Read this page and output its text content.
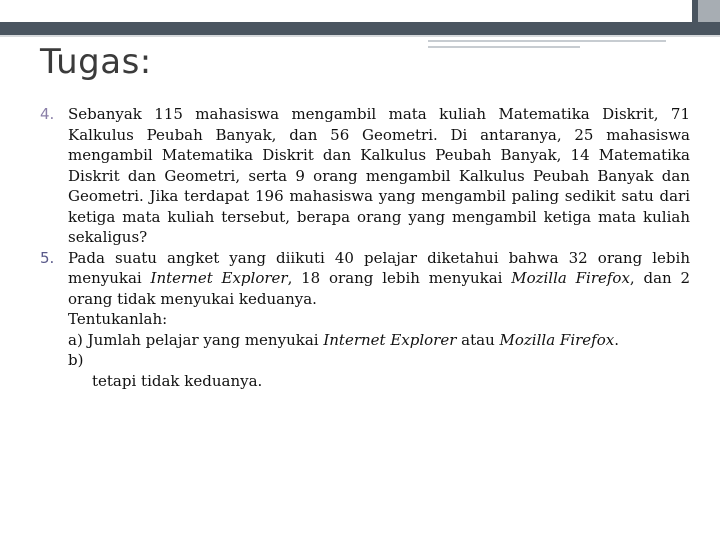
Tugas:
4. Sebanyak 115 mahasiswa mengambil mata kuliah Matematika Diskrit, 71 Kalkulus Peubah Banyak, dan 56 Geometri. Di antaranya, 25 mahasiswa mengambil Matematika Diskrit dan Kalkulus Peubah Banyak, 14 Matematika Diskrit dan Geometri, serta 9 orang mengambil Kalkulus Peubah Banyak dan Geometri. Jika terdapat 196 mahasiswa yang mengambil paling sedikit satu dari ketiga mata kuliah tersebut, berapa orang yang mengambil ketiga mata kuliah sekaligus?
5. Pada suatu angket yang diikuti 40 pelajar diketahui bahwa 32 orang lebih menyukai Internet Explorer, 18 orang lebih menyukai Mozilla Firefox, dan 2 orang tidak menyukai keduanya.
Tentukanlah:
a) Jumlah pelajar yang menyukai Internet Explorer atau Mozilla Firefox.
b)
tetapi tidak keduanya.
